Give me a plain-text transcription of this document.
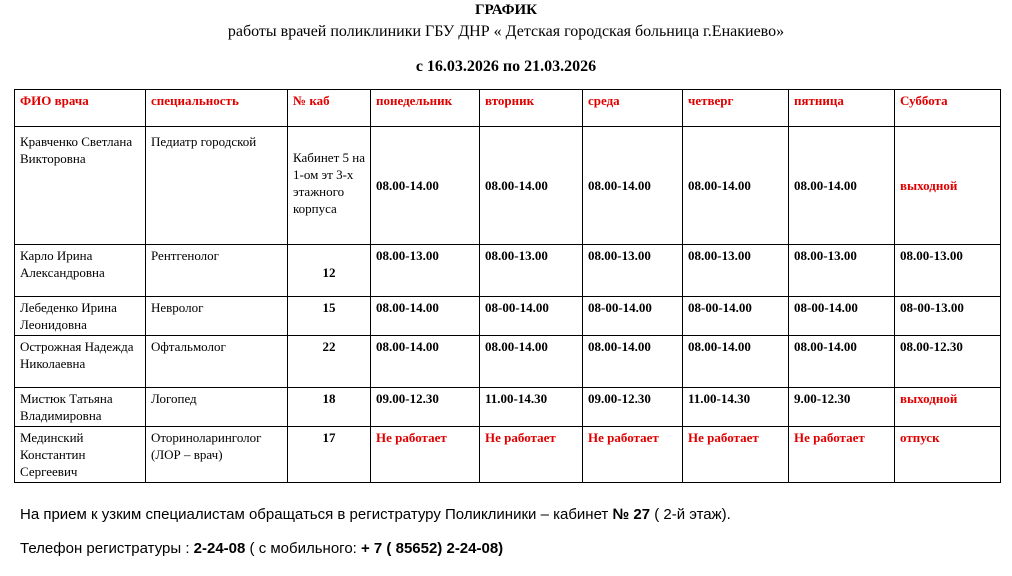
ГРАФИК
работы врачей поликлиники ГБУ ДНР « Детская городская больница г.Енакиево»
с 16.03.2026 по 21.03.2026
ФИО врача	специальность	№ каб	понедельник	вторник	среда	четверг	пятница	Суббота
Кравченко Светлана Викторовна	Педиатр городской	Кабинет 5 на 1-ом эт 3-х этажного корпуса	08.00-14.00	08.00-14.00	08.00-14.00	08.00-14.00	08.00-14.00	выходной
Карло Ирина Александровна	Рентгенолог	12	08.00-13.00	08.00-13.00	08.00-13.00	08.00-13.00	08.00-13.00	08.00-13.00
Лебеденко Ирина Леонидовна	Невролог	15	08.00-14.00	08-00-14.00	08-00-14.00	08-00-14.00	08-00-14.00	08-00-13.00
Острожная Надежда Николаевна	Офтальмолог	22	08.00-14.00	08.00-14.00	08.00-14.00	08.00-14.00	08.00-14.00	08.00-12.30
Мистюк Татьяна Владимировна	Логопед	18	09.00-12.30	11.00-14.30	09.00-12.30	11.00-14.30	9.00-12.30	выходной
Мединский Константин Сергеевич	Оториноларинголог (ЛОР – врач)	17	Не работает	Не работает	Не работает	Не работает	Не работает	отпуск
На прием к узким специалистам обращаться в регистратуру Поликлиники – кабинет № 27 ( 2-й этаж).
Телефон регистратуры : 2-24-08 ( с мобильного: + 7 ( 85652) 2-24-08)
